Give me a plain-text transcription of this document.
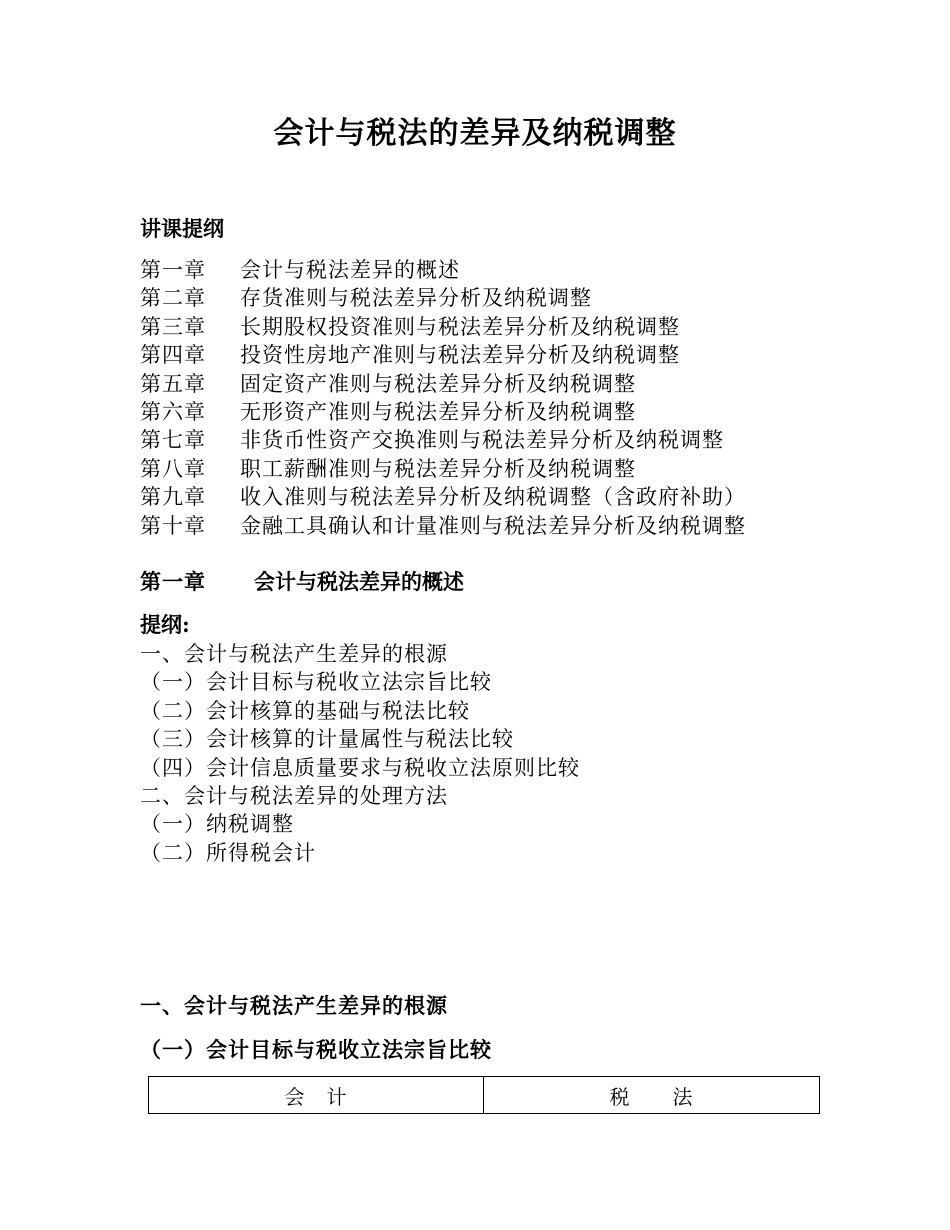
会计与税法的差异及纳税调整
讲课提纲
第一章	会计与税法差异的概述
第二章	存货准则与税法差异分析及纳税调整
第三章	长期股权投资准则与税法差异分析及纳税调整
第四章	投资性房地产准则与税法差异分析及纳税调整
第五章	固定资产准则与税法差异分析及纳税调整
第六章	无形资产准则与税法差异分析及纳税调整
第七章	非货币性资产交换准则与税法差异分析及纳税调整
第八章	职工薪酬准则与税法差异分析及纳税调整
第九章	收入准则与税法差异分析及纳税调整（含政府补助）
第十章	金融工具确认和计量准则与税法差异分析及纳税调整
第一章 会计与税法差异的概述
提纲:
一、会计与税法产生差异的根源
（一）会计目标与税收立法宗旨比较
（二）会计核算的基础与税法比较
（三）会计核算的计量属性与税法比较
（四）会计信息质量要求与税收立法原则比较
二、会计与税法差异的处理方法
（一）纳税调整
（二）所得税会计
一、会计与税法产生差异的根源
（一）会计目标与税收立法宗旨比较
会　计	税　　法
